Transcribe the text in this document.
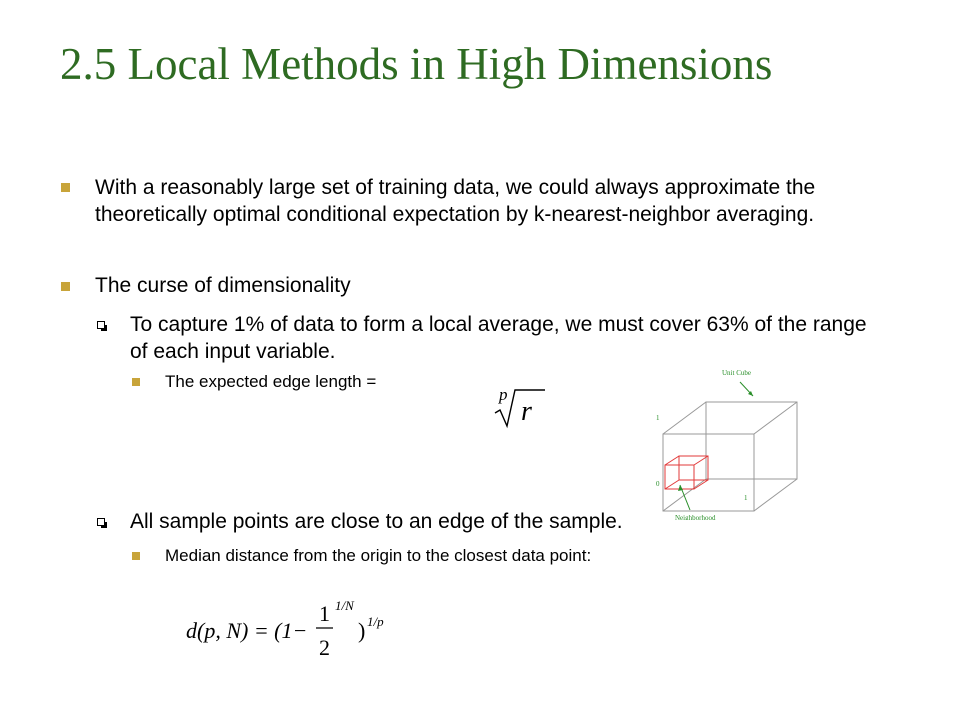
2.5 Local Methods in High Dimensions
With a reasonably large set of training data, we could always approximate the theoretically optimal conditional expectation by k-nearest-neighbor averaging.
The curse of dimensionality
To capture 1% of data to form a local average, we must cover 63% of the range of each input variable.
All sample points are close to an edge of the sample.
The expected edge length =
Median distance from the origin to the closest data point:
p
r
d(p, N) = (1−
1
2
1/N
) 1/p
Unit Cube
Neighborhood
1
0
1
